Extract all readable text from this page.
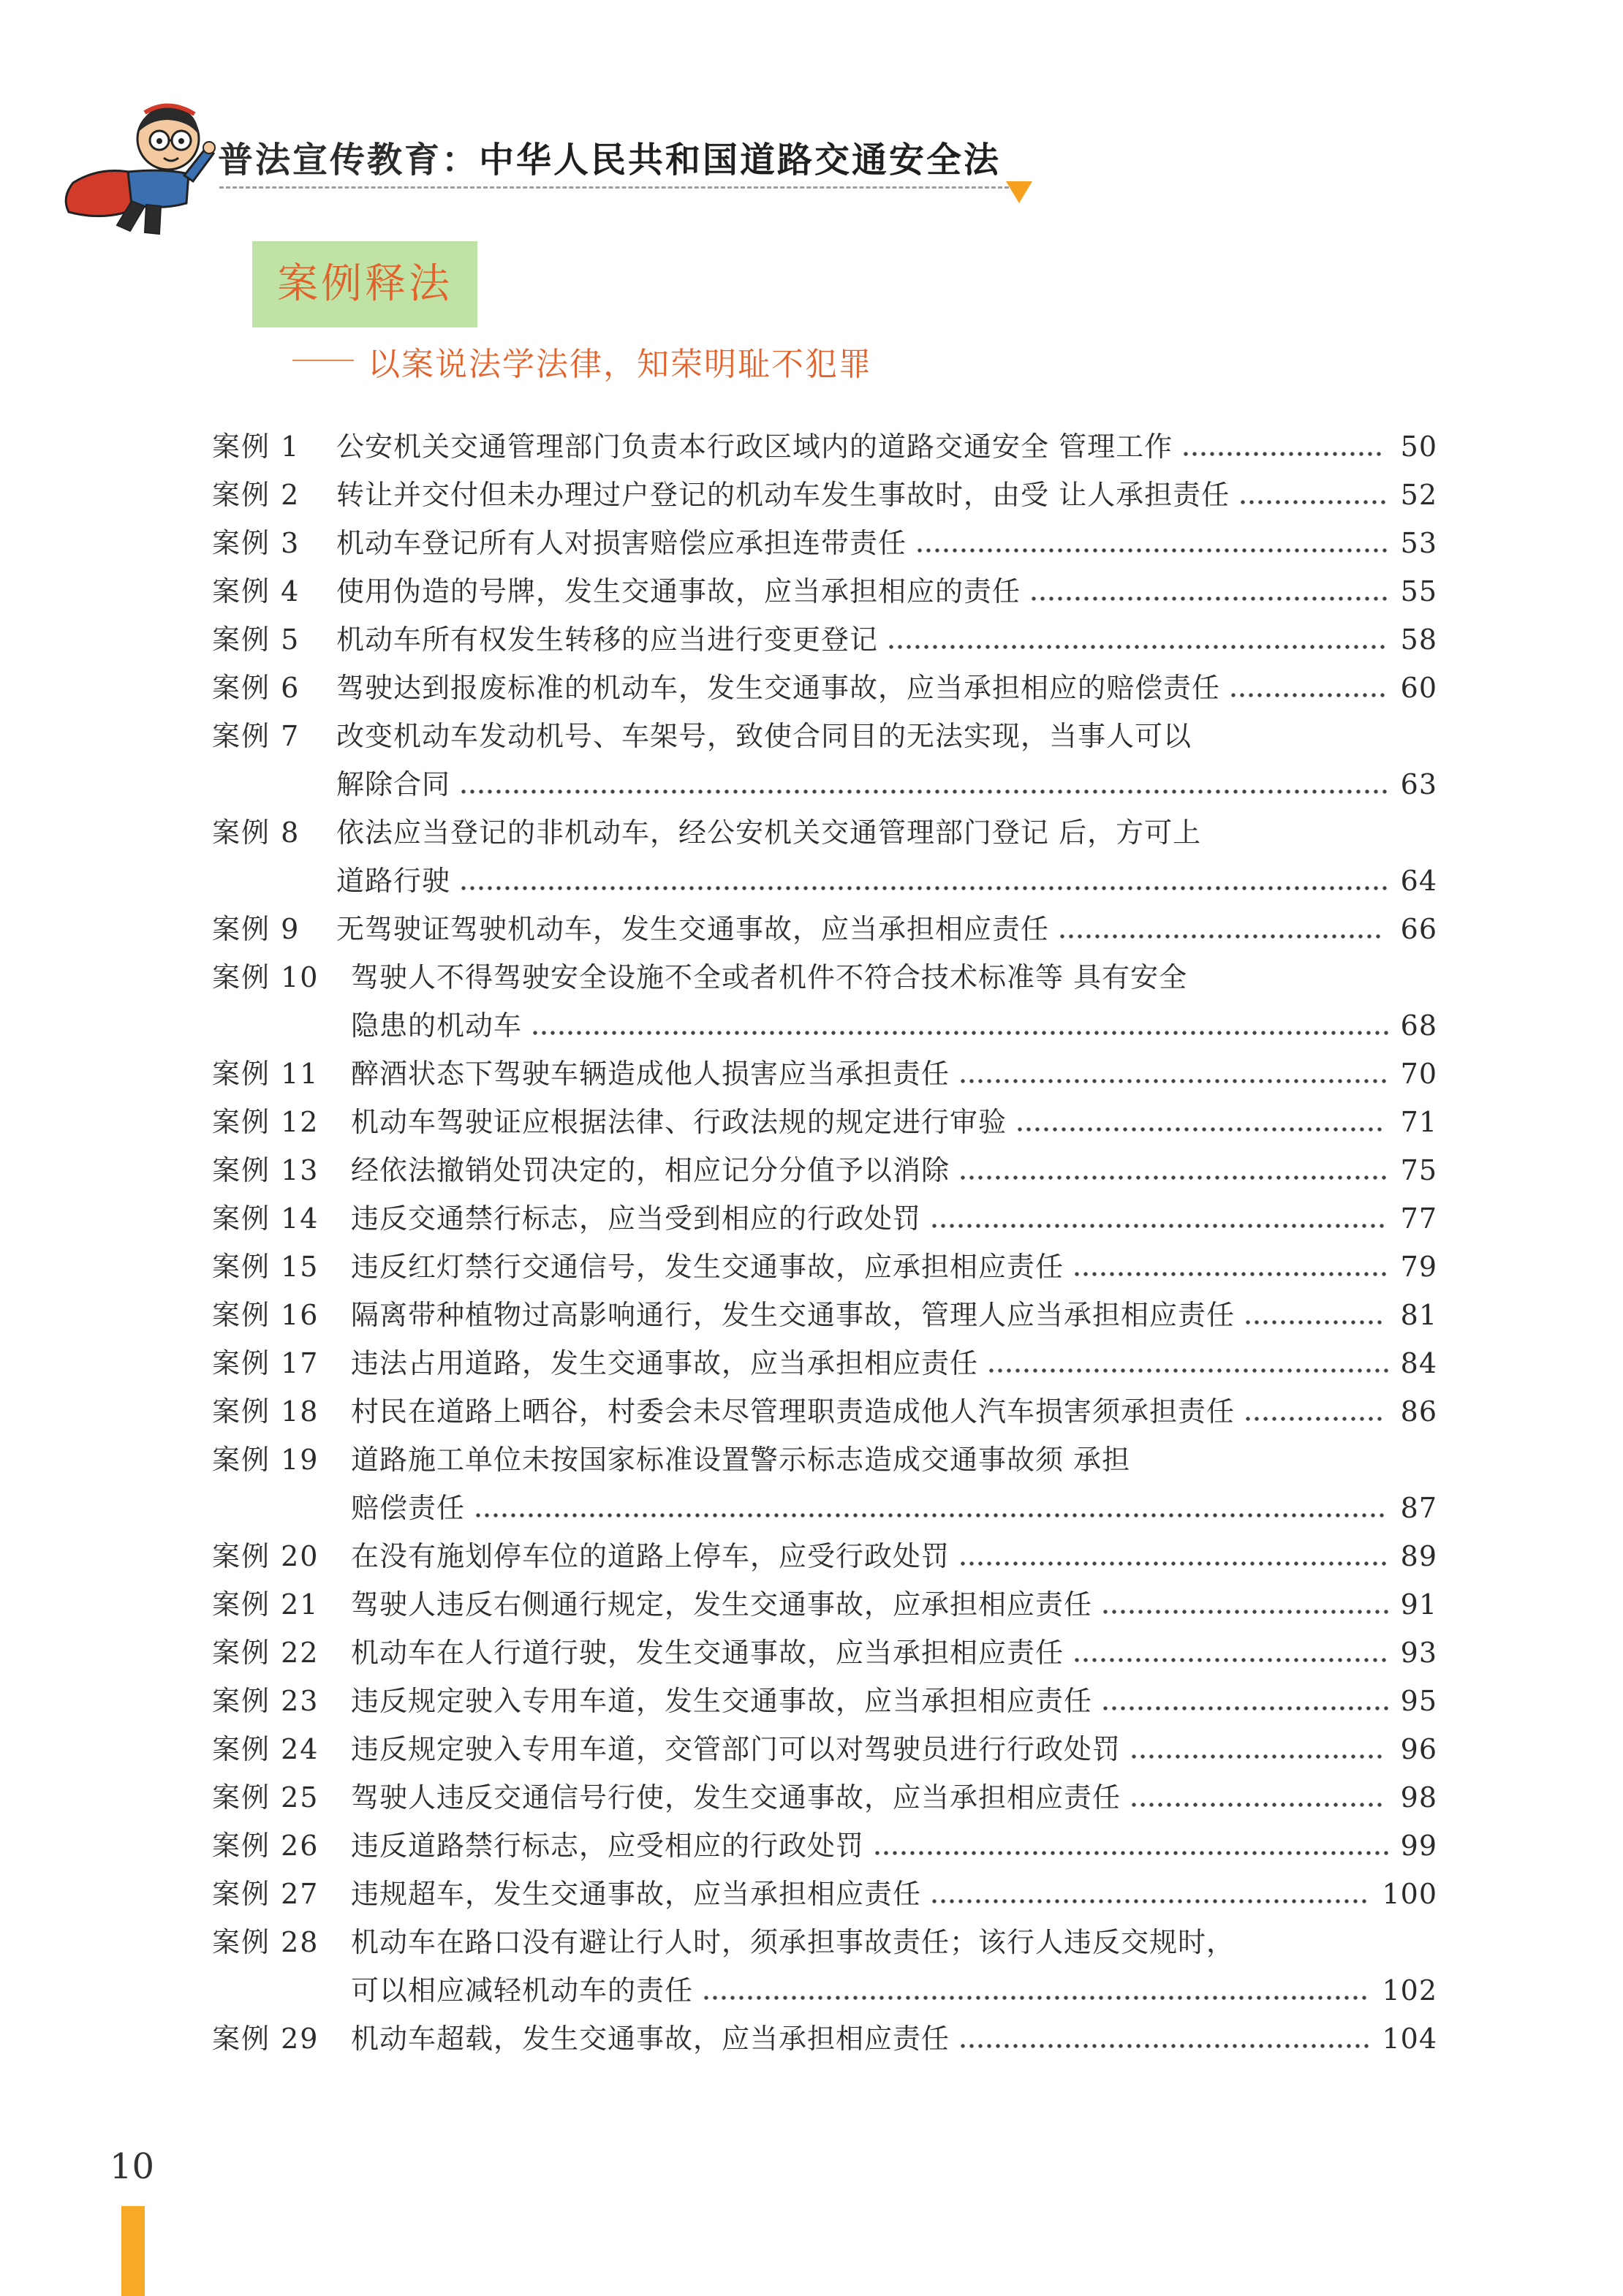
普法宣传教育：中华人民共和国道路交通安全法
案例释法
以案说法学法律，知荣明耻不犯罪
案例 1 公安机关交通管理部门负责本行政区域内的道路交通安全 管理工作	50
案例 2 转让并交付但未办理过户登记的机动车发生事故时，由受 让人承担责任	52
案例 3 机动车登记所有人对损害赔偿应承担连带责任	53
案例 4 使用伪造的号牌，发生交通事故，应当承担相应的责任	55
案例 5 机动车所有权发生转移的应当进行变更登记	58
案例 6 驾驶达到报废标准的机动车，发生交通事故，应当承担相应的赔偿责任	60
案例 7 改变机动车发动机号、车架号，致使合同目的无法实现，当事人可以
解除合同	63
案例 8 依法应当登记的非机动车，经公安机关交通管理部门登记 后，方可上
道路行驶	64
案例 9 无驾驶证驾驶机动车，发生交通事故，应当承担相应责任	66
案例 10 驾驶人不得驾驶安全设施不全或者机件不符合技术标准等 具有安全
隐患的机动车	68
案例 11 醉酒状态下驾驶车辆造成他人损害应当承担责任	70
案例 12 机动车驾驶证应根据法律、行政法规的规定进行审验	71
案例 13 经依法撤销处罚决定的，相应记分分值予以消除	75
案例 14 违反交通禁行标志，应当受到相应的行政处罚	77
案例 15 违反红灯禁行交通信号，发生交通事故，应承担相应责任	79
案例 16 隔离带种植物过高影响通行，发生交通事故，管理人应当承担相应责任	81
案例 17 违法占用道路，发生交通事故，应当承担相应责任	84
案例 18 村民在道路上晒谷，村委会未尽管理职责造成他人汽车损害须承担责任	86
案例 19 道路施工单位未按国家标准设置警示标志造成交通事故须 承担
赔偿责任	87
案例 20 在没有施划停车位的道路上停车，应受行政处罚	89
案例 21 驾驶人违反右侧通行规定，发生交通事故，应承担相应责任	91
案例 22 机动车在人行道行驶，发生交通事故，应当承担相应责任	93
案例 23 违反规定驶入专用车道，发生交通事故，应当承担相应责任	95
案例 24 违反规定驶入专用车道，交管部门可以对驾驶员进行行政处罚	96
案例 25 驾驶人违反交通信号行使，发生交通事故，应当承担相应责任	98
案例 26 违反道路禁行标志，应受相应的行政处罚	99
案例 27 违规超车，发生交通事故，应当承担相应责任	100
案例 28 机动车在路口没有避让行人时，须承担事故责任；该行人违反交规时，
可以相应减轻机动车的责任	102
案例 29 机动车超载，发生交通事故，应当承担相应责任	104
10
